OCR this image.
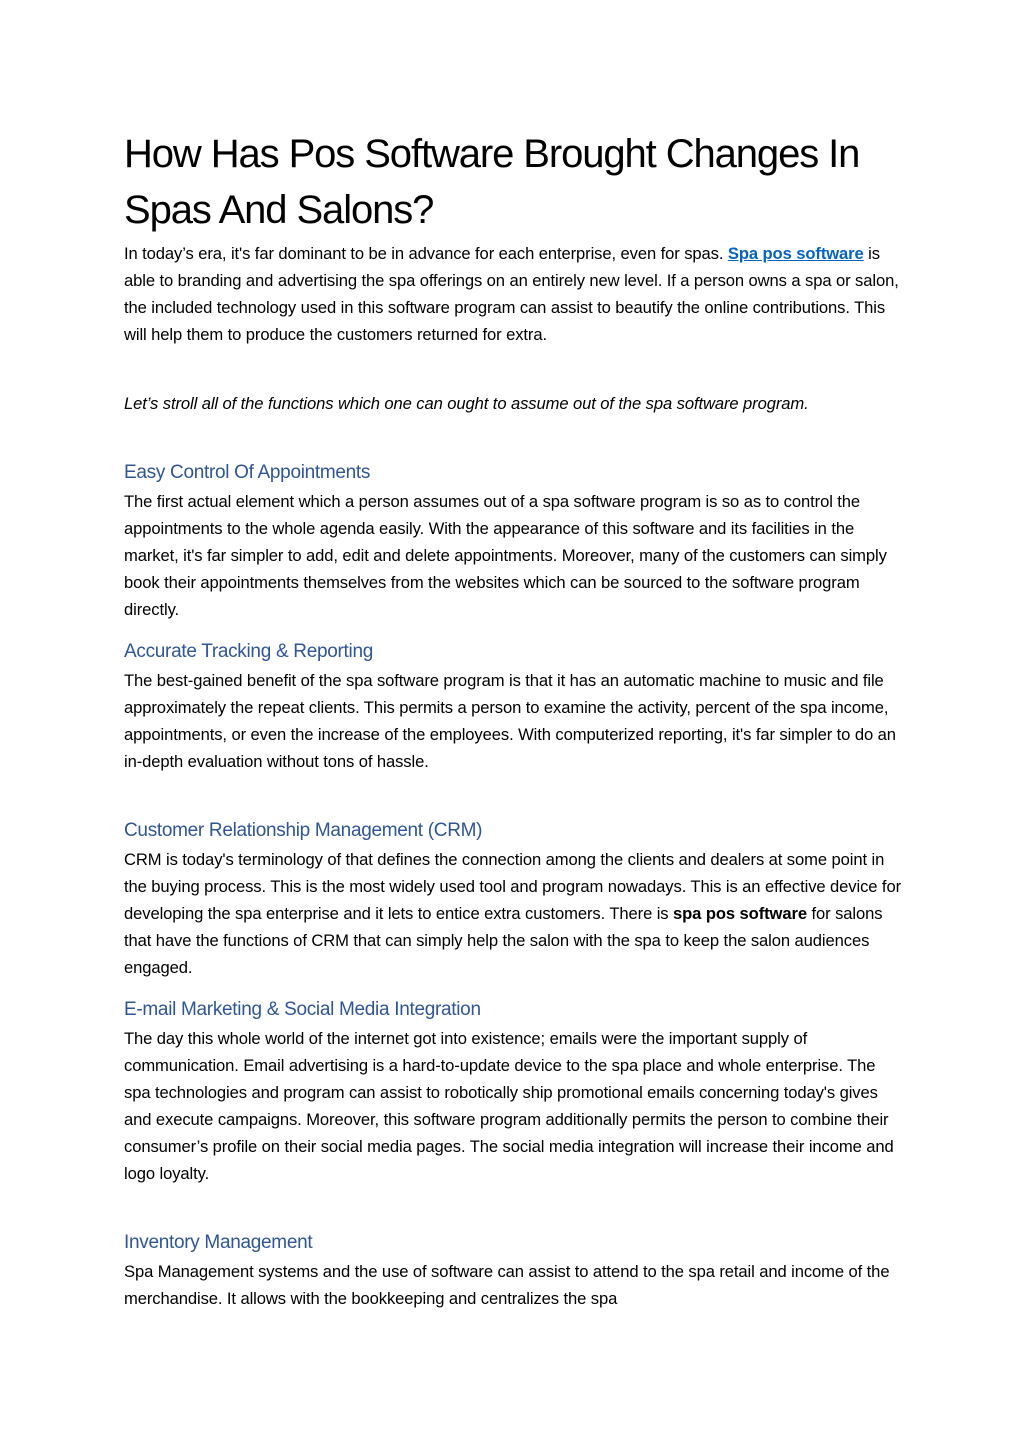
How Has Pos Software Brought Changes In Spas And Salons?

In today’s era, it's far dominant to be in advance for each enterprise, even for spas. Spa pos software is able to branding and advertising the spa offerings on an entirely new level. If a person owns a spa or salon, the included technology used in this software program can assist to beautify the online contributions. This will help them to produce the customers returned for extra.

Let’s stroll all of the functions which one can ought to assume out of the spa software program.

Easy Control Of Appointments

The first actual element which a person assumes out of a spa software program is so as to control the appointments to the whole agenda easily. With the appearance of this software and its facilities in the market, it's far simpler to add, edit and delete appointments. Moreover, many of the customers can simply book their appointments themselves from the websites which can be sourced to the software program directly.

Accurate Tracking & Reporting

The best-gained benefit of the spa software program is that it has an automatic machine to music and file approximately the repeat clients. This permits a person to examine the activity, percent of the spa income, appointments, or even the increase of the employees. With computerized reporting, it's far simpler to do an in-depth evaluation without tons of hassle.

Customer Relationship Management (CRM)

CRM is today's terminology of that defines the connection among the clients and dealers at some point in the buying process. This is the most widely used tool and program nowadays. This is an effective device for developing the spa enterprise and it lets to entice extra customers. There is spa pos software for salons that have the functions of CRM that can simply help the salon with the spa to keep the salon audiences engaged.

E-mail Marketing & Social Media Integration

The day this whole world of the internet got into existence; emails were the important supply of communication. Email advertising is a hard-to-update device to the spa place and whole enterprise. The spa technologies and program can assist to robotically ship promotional emails concerning today's gives and execute campaigns. Moreover, this software program additionally permits the person to combine their consumer’s profile on their social media pages. The social media integration will increase their income and logo loyalty.

Inventory Management

Spa Management systems and the use of software can assist to attend to the spa retail and income of the merchandise. It allows with the bookkeeping and centralizes the spa
